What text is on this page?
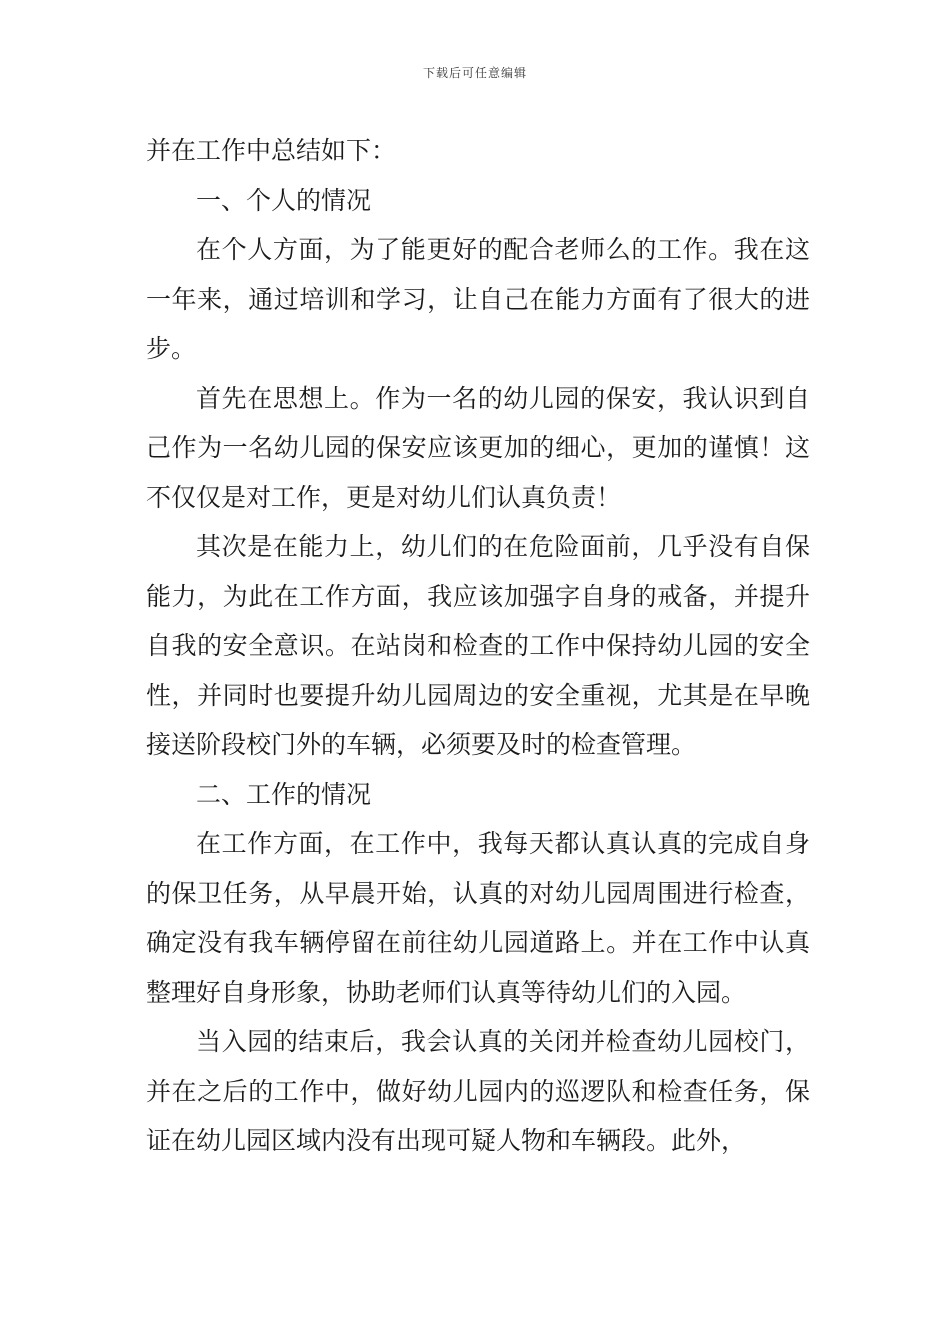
下载后可任意编辑

并在工作中总结如下：

一、个人的情况

在个人方面，为了能更好的配合老师么的工作。我在这一年来，通过培训和学习，让自己在能力方面有了很大的进步。

首先在思想上。作为一名的幼儿园的保安，我认识到自己作为一名幼儿园的保安应该更加的细心，更加的谨慎！这不仅仅是对工作，更是对幼儿们认真负责！

其次是在能力上，幼儿们的在危险面前，几乎没有自保能力，为此在工作方面，我应该加强字自身的戒备，并提升自我的安全意识。在站岗和检查的工作中保持幼儿园的安全性，并同时也要提升幼儿园周边的安全重视，尤其是在早晚接送阶段校门外的车辆，必须要及时的检查管理。

二、工作的情况

在工作方面，在工作中，我每天都认真认真的完成自身的保卫任务，从早晨开始，认真的对幼儿园周围进行检查，确定没有我车辆停留在前往幼儿园道路上。并在工作中认真整理好自身形象，协助老师们认真等待幼儿们的入园。

当入园的结束后，我会认真的关闭并检查幼儿园校门，并在之后的工作中，做好幼儿园内的巡逻队和检查任务，保证在幼儿园区域内没有出现可疑人物和车辆段。此外，
